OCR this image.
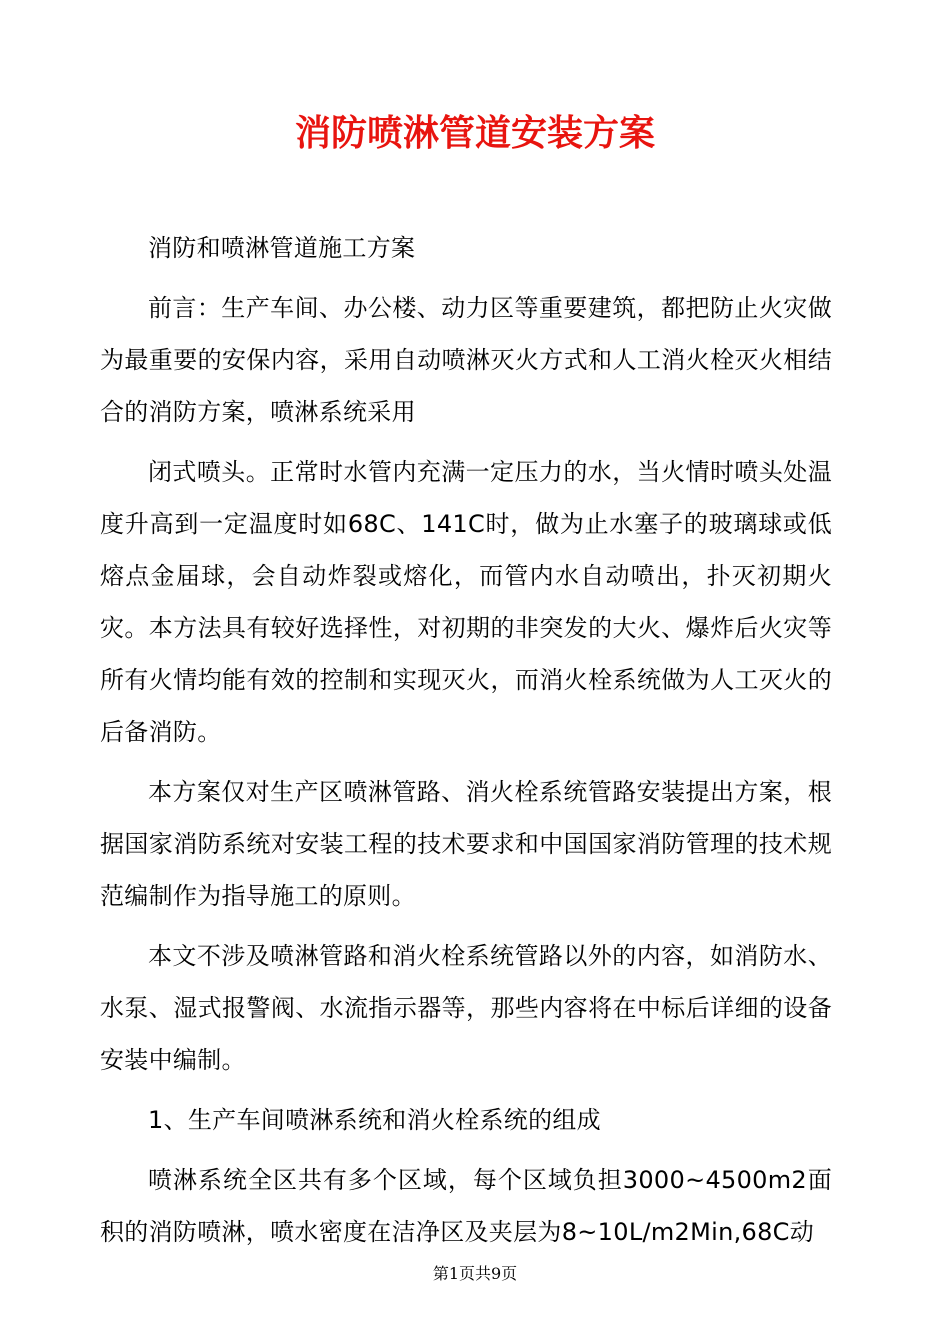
消防喷淋管道安装方案

消防和喷淋管道施工方案

前言：生产车间、办公楼、动力区等重要建筑，都把防止火灾做为最重要的安保内容，采用自动喷淋灭火方式和人工消火栓灭火相结合的消防方案，喷淋系统采用

闭式喷头。正常时水管内充满一定压力的水，当火情时喷头处温度升高到一定温度时如68C、141C时，做为止水塞子的玻璃球或低熔点金届球，会自动炸裂或熔化，而管内水自动喷出，扑灭初期火灾。本方法具有较好选择性，对初期的非突发的大火、爆炸后火灾等所有火情均能有效的控制和实现灭火，而消火栓系统做为人工灭火的后备消防。

本方案仅对生产区喷淋管路、消火栓系统管路安装提出方案，根据国家消防系统对安装工程的技术要求和中国国家消防管理的技术规范编制作为指导施工的原则。

本文不涉及喷淋管路和消火栓系统管路以外的内容，如消防水、水泵、湿式报警阀、水流指示器等，那些内容将在中标后详细的设备安装中编制。

1、生产车间喷淋系统和消火栓系统的组成

喷淋系统全区共有多个区域，每个区域负担3000~4500m2面积的消防喷淋，喷水密度在洁净区及夹层为8~10L/m2Min,68C动

第1页共9页
